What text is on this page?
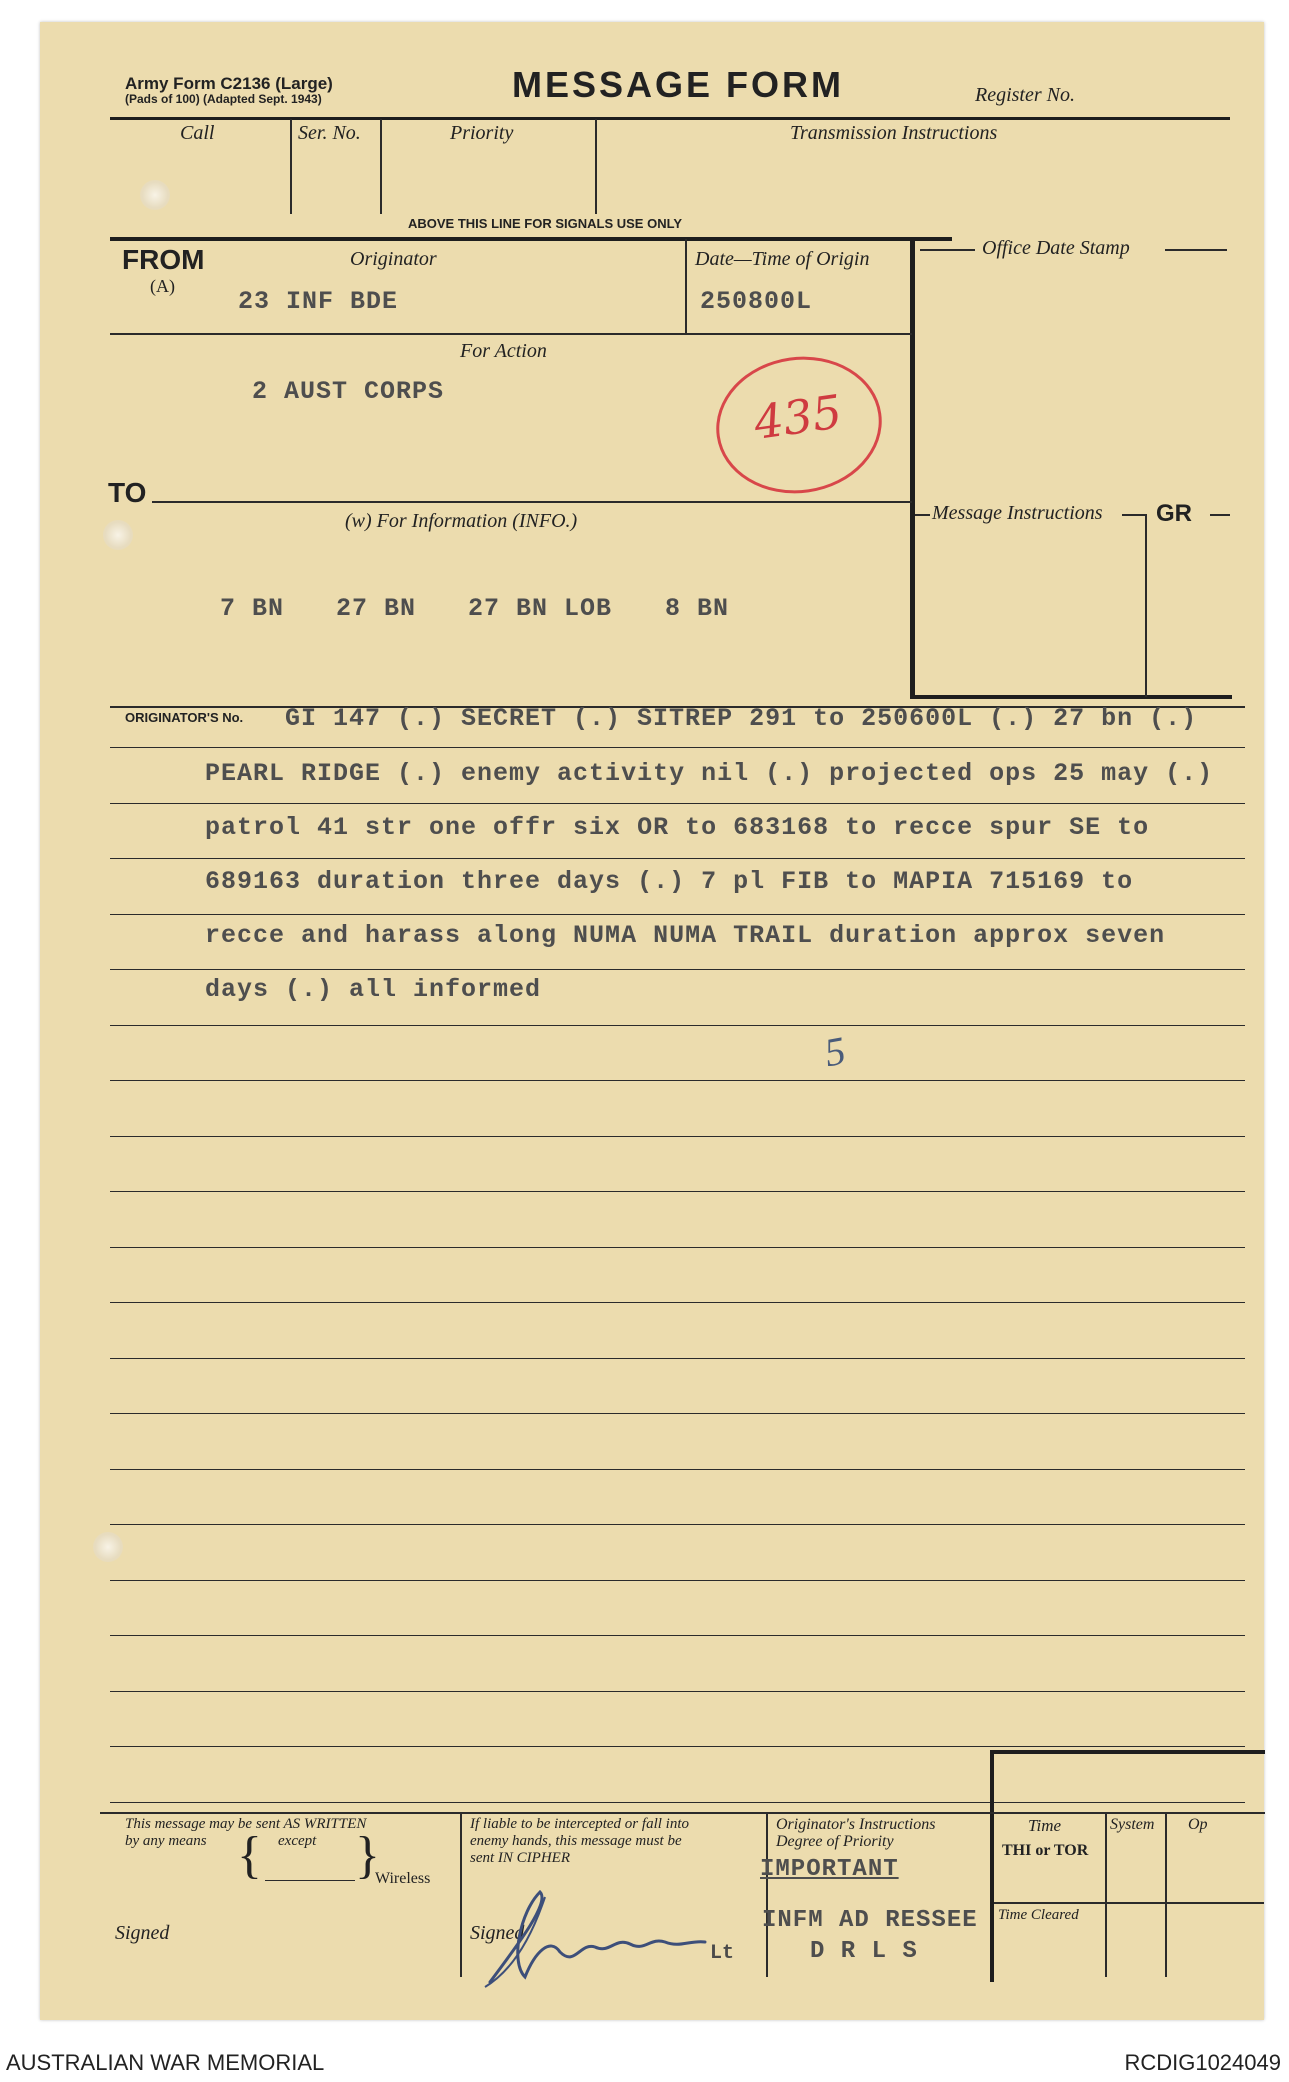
Army Form C2136 (Large)
(Pads of 100) (Adapted Sept. 1943)	MESSAGE FORM	Register No.
Call	Ser. No.	Priority	Transmission Instructions
ABOVE THIS LINE FOR SIGNALS USE ONLY
FROM
(A)
Originator
23 INF BDE
Date—Time of Origin
250800L
For Action
2 AUST CORPS	435
TO
(w) For Information (INFO.)
7 BN 27 BN 27 BN LOB 8 BN
Office Date Stamp
Message Instructions GR
ORIGINATOR'S No. GI 147 (.) SECRET (.) SITREP 291 to 250600L (.) 27 bn (.)
PEARL RIDGE (.) enemy activity nil (.) projected ops 25 may (.)
patrol 41 str one offr six OR to 683168 to recce spur SE to
689163 duration three days (.) 7 pl FIB to MAPIA 715169 to
recce and harass along NUMA NUMA TRAIL duration approx seven
days (.) all informed
5
This message may be sent AS WRITTEN
by any means { except }
Wireless
Signed
If liable to be intercepted or fall into
enemy hands, this message must be
sent IN CIPHER
Signed
Lt
Originator's Instructions
Degree of Priority
IMPORTANT
INFM AD RESSEE
D R L S
Time	System Op
THI or TOR
Time Cleared
AUSTRALIAN WAR MEMORIAL	RCDIG1024049
